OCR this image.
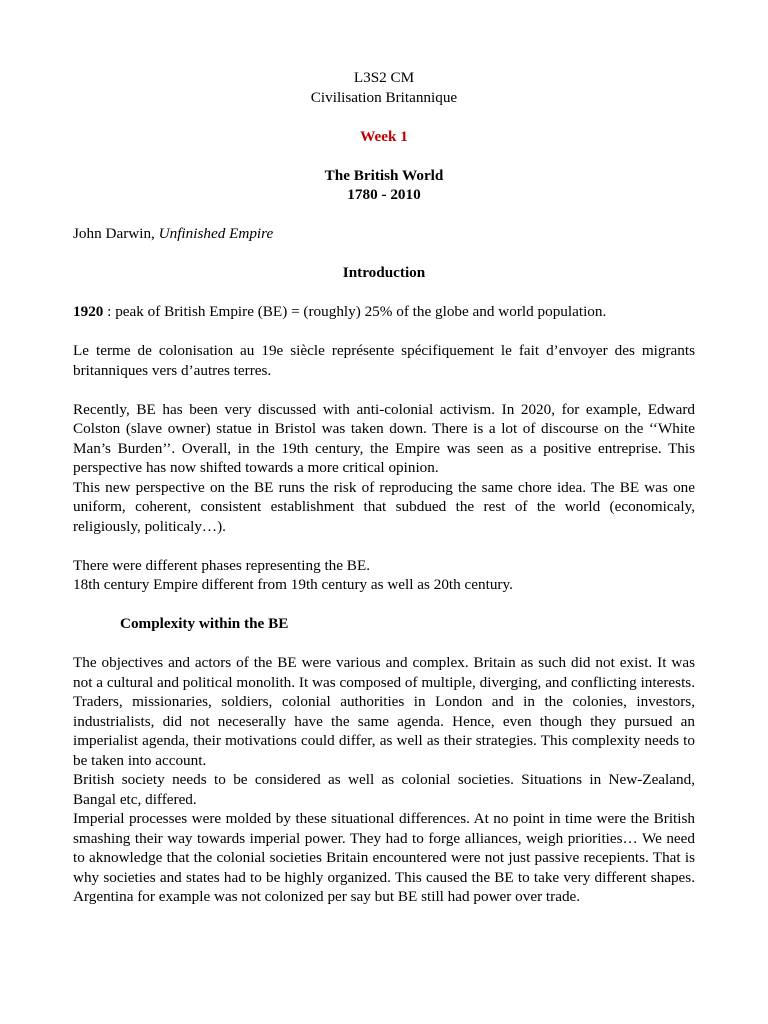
L3S2 CM

Civilisation Britannique

Week 1

The British World

1780 - 2010

John Darwin, Unfinished Empire

Introduction

1920 : peak of British Empire (BE) = (roughly) 25% of the globe and world population.

Le terme de colonisation au 19e siècle représente spécifiquement le fait d’envoyer des migrants britanniques vers d’autres terres.

Recently, BE has been very discussed with anti-colonial activism. In 2020, for example, Edward Colston (slave owner) statue in Bristol was taken down. There is a lot of discourse on the ‘‘White Man’s Burden’’. Overall, in the 19th century, the Empire was seen as a positive entreprise. This perspective has now shifted towards a more critical opinion.

This new perspective on the BE runs the risk of reproducing the same chore idea. The BE was one uniform, coherent, consistent establishment that subdued the rest of the world (economicaly, religiously, politicaly…).

There were different phases representing the BE.

18th century Empire different from 19th century as well as 20th century.

Complexity within the BE

The objectives and actors of the BE were various and complex. Britain as such did not exist. It was not a cultural and political monolith. It was composed of multiple, diverging, and conflicting interests. Traders, missionaries, soldiers, colonial authorities in London and in the colonies, investors, industrialists, did not neceserally have the same agenda. Hence, even though they pursued an imperialist agenda, their motivations could differ, as well as their strategies. This complexity needs to be taken into account.

British society needs to be considered as well as colonial societies. Situations in New-Zealand, Bangal etc, differed.

Imperial processes were molded by these situational differences. At no point in time were the British smashing their way towards imperial power. They had to forge alliances, weigh priorities… We need to aknowledge that the colonial societies Britain encountered were not just passive recepients. That is why societies and states had to be highly organized. This caused the BE to take very different shapes. Argentina for example was not colonized per say but BE still had power over trade.
